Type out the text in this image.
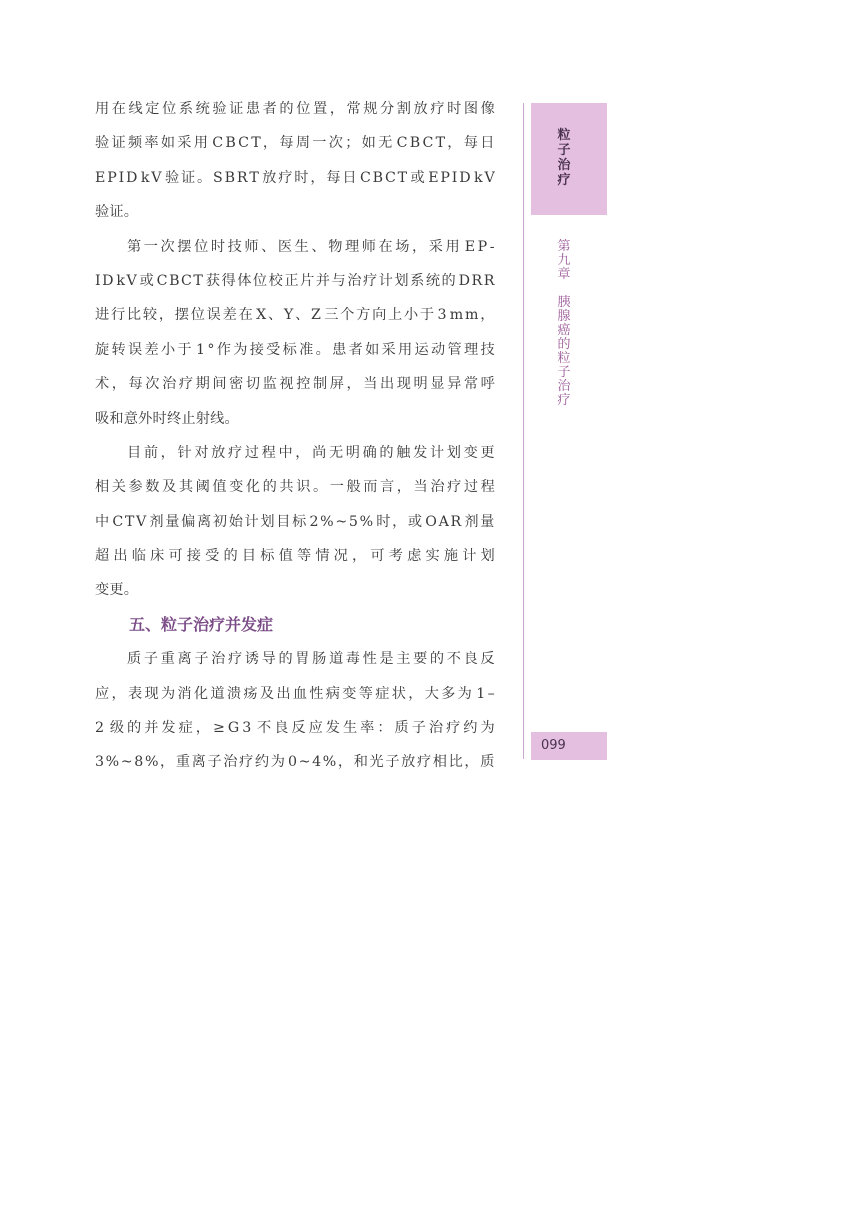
用 在 线 定 位 系 统 验 证 患 者 的 位 置 ， 常 规 分 割 放 疗 时 图 像
验 证 频 率 如 采 用 C B C T ， 每 周 一 次 ； 如 无 C B C T ， 每 日
E P I D k V 验 证 。 S B R T 放 疗 时 ， 每 日 C B C T 或 E P I D k V
验证。
第 一 次 摆 位 时 技 师 、 医 生 、 物 理 师 在 场 ， 采 用 E P -
I D k V 或 C B C T 获 得 体 位 校 正 片 并 与 治 疗 计 划 系 统 的 D R R
进 行 比 较 ， 摆 位 误 差 在 X 、 Y 、 Z 三 个 方 向 上 小 于 3 m m ，
旋 转 误 差 小 于 1 ° 作 为 接 受 标 准 。 患 者 如 采 用 运 动 管 理 技
术 ， 每 次 治 疗 期 间 密 切 监 视 控 制 屏 ， 当 出 现 明 显 异 常 呼
吸和意外时终止射线。
目 前 ， 针 对 放 疗 过 程 中 ， 尚 无 明 确 的 触 发 计 划 变 更
相 关 参 数 及 其 阈 值 变 化 的 共 识 。 一 般 而 言 ， 当 治 疗 过 程
中 C T V 剂 量 偏 离 初 始 计 划 目 标 2 % ~ 5 % 时 ， 或 O A R 剂 量
超 出 临 床 可 接 受 的 目 标 值 等 情 况 ， 可 考 虑 实 施 计 划
变更。
五、粒子治疗并发症
质 子 重 离 子 治 疗 诱 导 的 胃 肠 道 毒 性 是 主 要 的 不 良 反
应 ， 表 现 为 消 化 道 溃 疡 及 出 血 性 病 变 等 症 状 ， 大 多 为 1 –
2 级 的 并 发 症 ， ≥ G 3 不 良 反 应 发 生 率 ： 质 子 治 疗 约 为
3 % ~ 8 % ， 重 离 子 治 疗 约 为 0 ~ 4 % ， 和 光 子 放 疗 相 比 ， 质
粒子治疗
第九章
胰腺癌的粒子治疗
099
